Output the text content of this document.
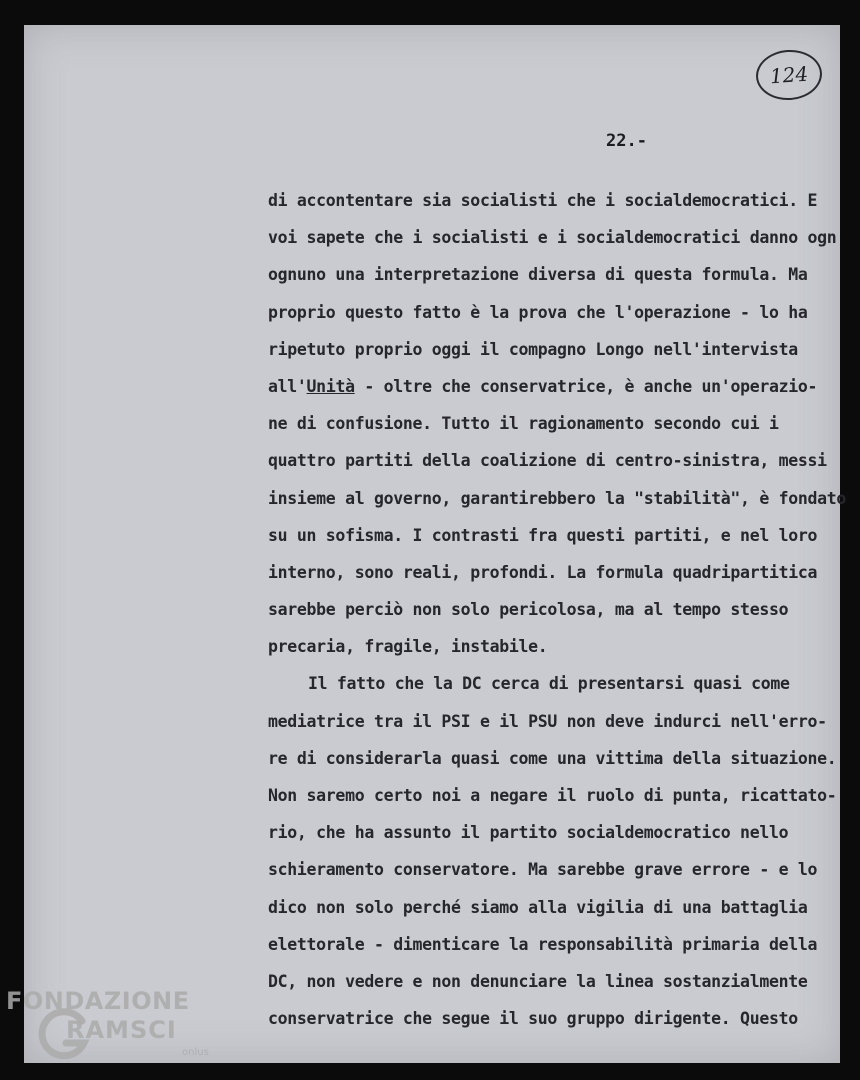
124
22.-
di accontentare sia socialisti che i socialdemocratici. E
voi sapete che i socialisti e i socialdemocratici danno ogn
ognuno una interpretazione diversa di questa formula. Ma
proprio questo fatto è la prova che l'operazione - lo ha
ripetuto proprio oggi il compagno Longo nell'intervista
all'Unità - oltre che conservatrice, è anche un'operazio-
ne di confusione. Tutto il ragionamento secondo cui i
quattro partiti della coalizione di centro-sinistra, messi
insieme al governo, garantirebbero la "stabilità", è fondato
su un sofisma. I contrasti fra questi partiti, e nel loro
interno, sono reali, profondi. La formula quadripartitica
sarebbe perciò non solo pericolosa, ma al tempo stesso
precaria, fragile, instabile.
Il fatto che la DC cerca di presentarsi quasi come
mediatrice tra il PSI e il PSU non deve indurci nell'erro-
re di considerarla quasi come una vittima della situazione.
Non saremo certo noi a negare il ruolo di punta, ricattato-
rio, che ha assunto il partito socialdemocratico nello
schieramento conservatore. Ma sarebbe grave errore - e lo
dico non solo perché siamo alla vigilia di una battaglia
elettorale - dimenticare la responsabilità primaria della
DC, non vedere e non denunciare la linea sostanzialmente
conservatrice che segue il suo gruppo dirigente. Questo
FONDAZIONE
RAMSCI
onlus
